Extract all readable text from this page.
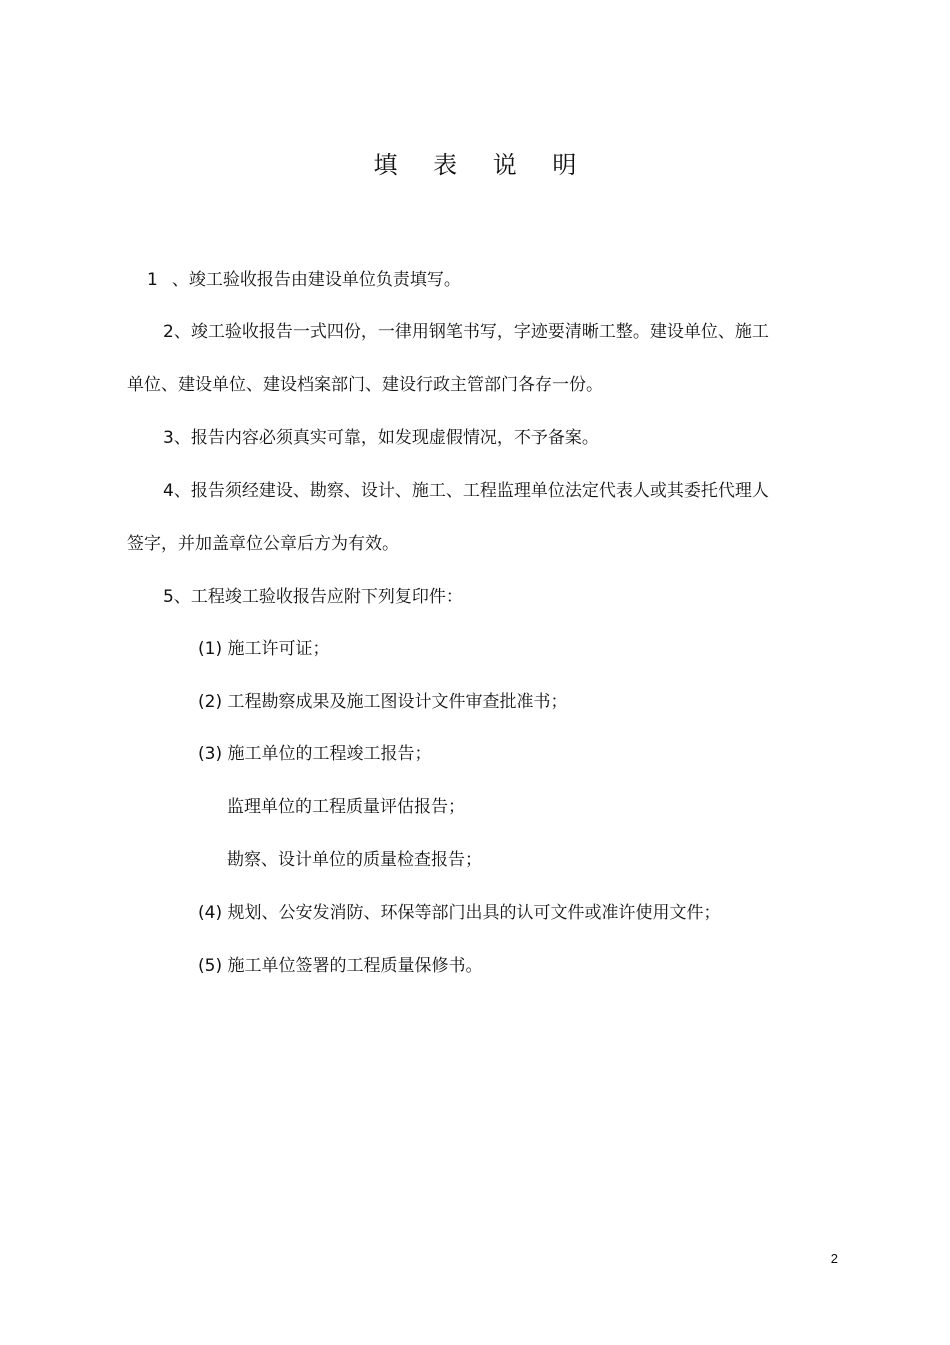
填 表 说 明
1 、竣工验收报告由建设单位负责填写。
2、竣工验收报告一式四份，一律用钢笔书写，字迹要清晰工整。建设单位、施工
单位、建设单位、建设档案部门、建设行政主管部门各存一份。
3、报告内容必须真实可靠，如发现虚假情况，不予备案。
4、报告须经建设、勘察、设计、施工、工程监理单位法定代表人或其委托代理人
签字，并加盖章位公章后方为有效。
5、工程竣工验收报告应附下列复印件：
(1) 施工许可证；
(2) 工程勘察成果及施工图设计文件审查批准书；
(3) 施工单位的工程竣工报告；
监理单位的工程质量评估报告；
勘察、设计单位的质量检查报告；
(4) 规划、公安发消防、环保等部门出具的认可文件或准许使用文件；
(5) 施工单位签署的工程质量保修书。
2
